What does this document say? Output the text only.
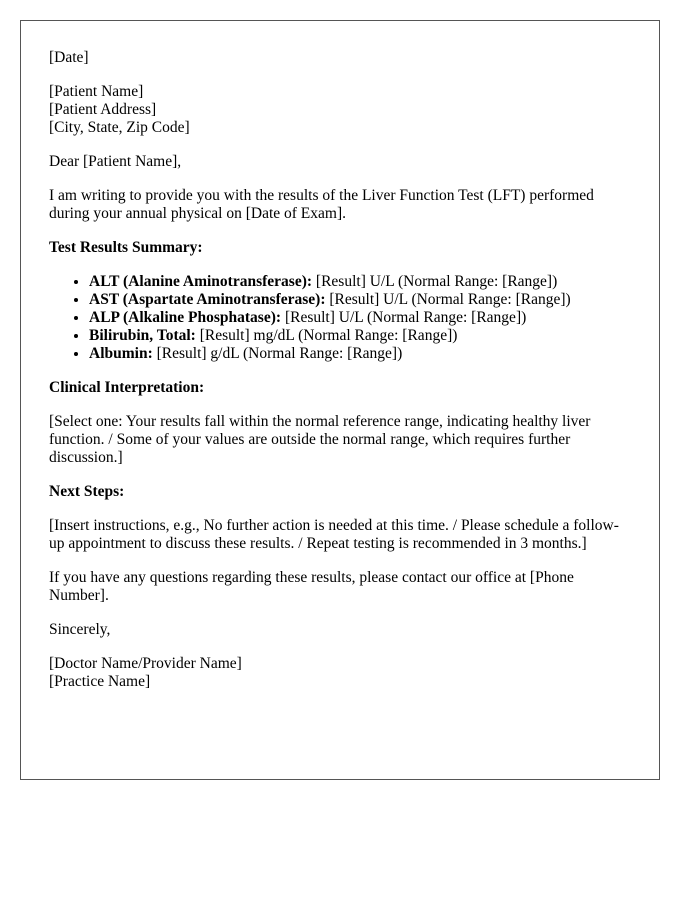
[Date]

[Patient Name]
[Patient Address]
[City, State, Zip Code]

Dear [Patient Name],

I am writing to provide you with the results of the Liver Function Test (LFT) performed during your annual physical on [Date of Exam].

Test Results Summary:

• ALT (Alanine Aminotransferase): [Result] U/L (Normal Range: [Range])
• AST (Aspartate Aminotransferase): [Result] U/L (Normal Range: [Range])
• ALP (Alkaline Phosphatase): [Result] U/L (Normal Range: [Range])
• Bilirubin, Total: [Result] mg/dL (Normal Range: [Range])
• Albumin: [Result] g/dL (Normal Range: [Range])

Clinical Interpretation:

[Select one: Your results fall within the normal reference range, indicating healthy liver function. / Some of your values are outside the normal range, which requires further discussion.]

Next Steps:

[Insert instructions, e.g., No further action is needed at this time. / Please schedule a follow-up appointment to discuss these results. / Repeat testing is recommended in 3 months.]

If you have any questions regarding these results, please contact our office at [Phone Number].

Sincerely,

[Doctor Name/Provider Name]
[Practice Name]
